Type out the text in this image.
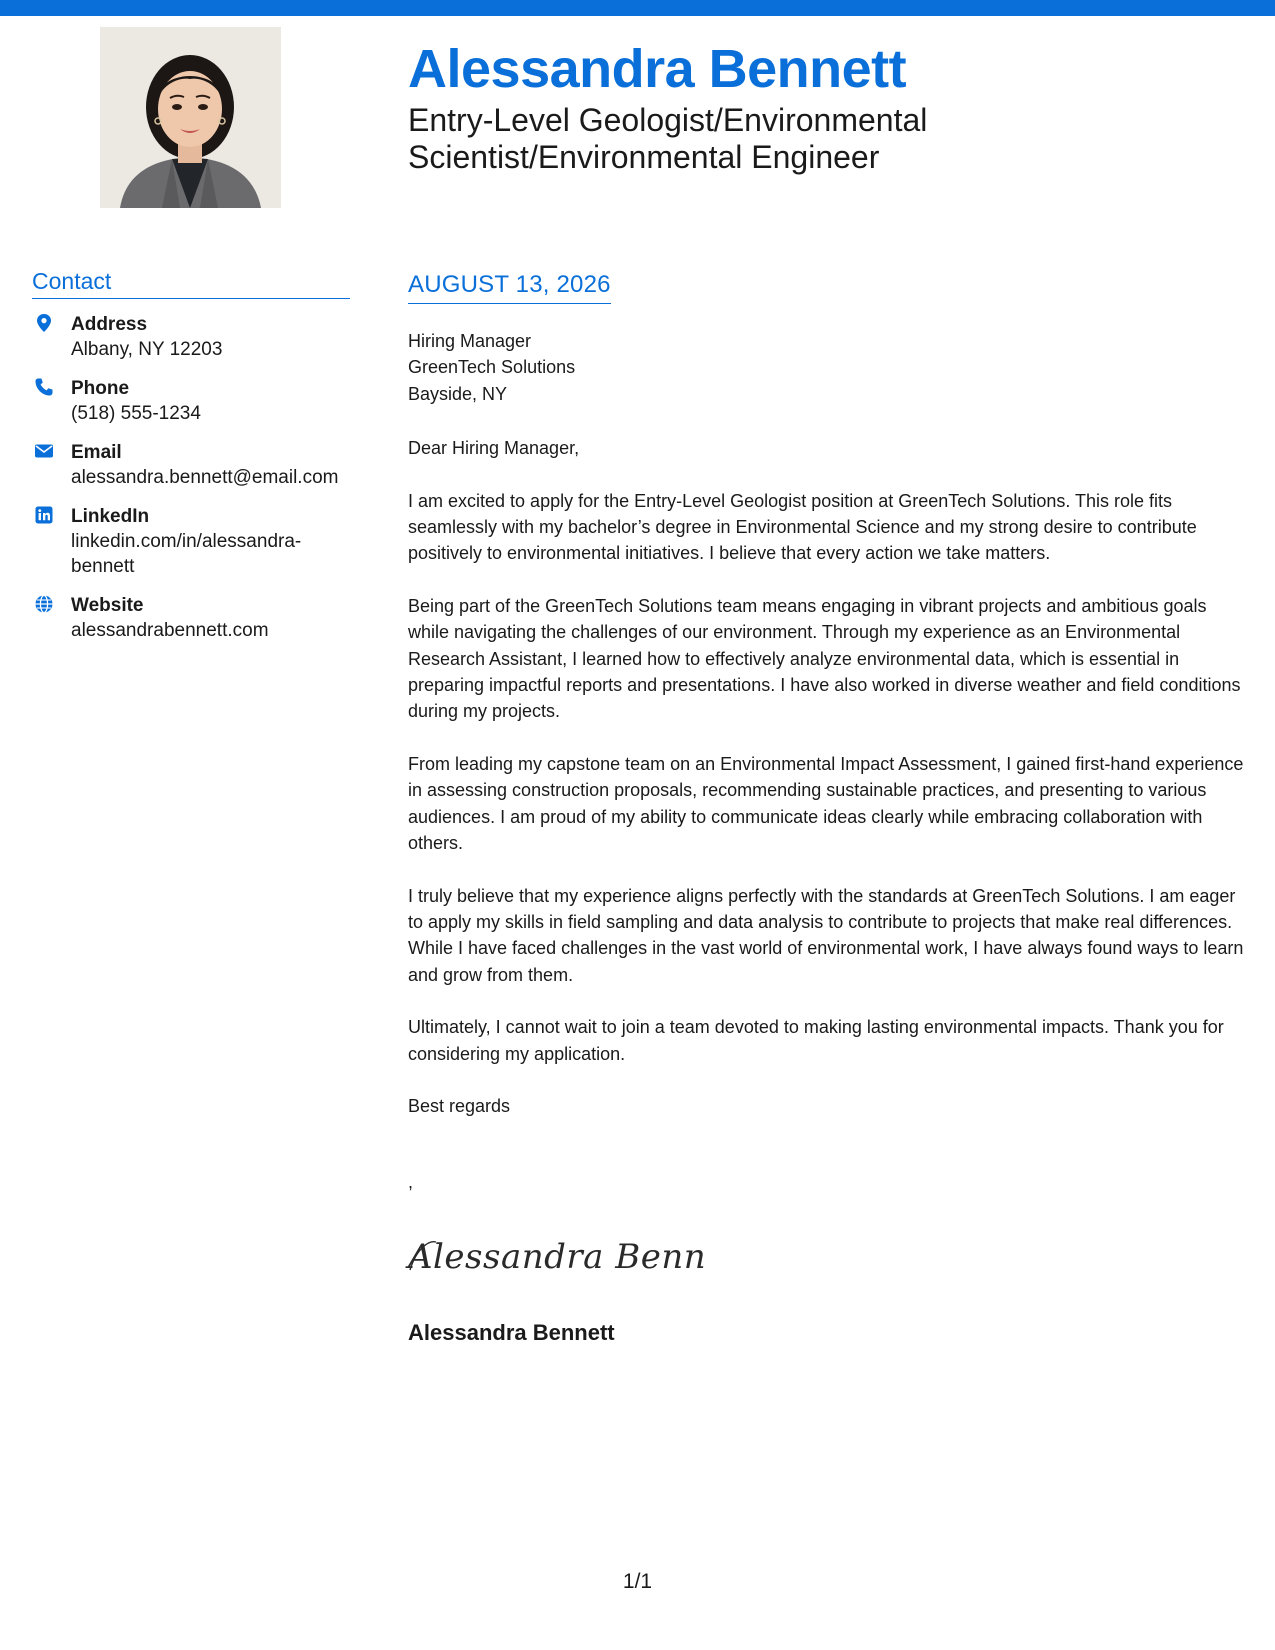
Alessandra Bennett
Entry-Level Geologist/Environmental Scientist/Environmental Engineer
Contact
Address
Albany, NY 12203
Phone
(518) 555-1234
Email
alessandra.bennett@email.com
LinkedIn
linkedin.com/in/alessandra-bennett
Website
alessandrabennett.com
AUGUST 13, 2026
Hiring Manager
GreenTech Solutions
Bayside, NY

Dear Hiring Manager,

I am excited to apply for the Entry-Level Geologist position at GreenTech Solutions. This role fits seamlessly with my bachelor’s degree in Environmental Science and my strong desire to contribute positively to environmental initiatives. I believe that every action we take matters.

Being part of the GreenTech Solutions team means engaging in vibrant projects and ambitious goals while navigating the challenges of our environment. Through my experience as an Environmental Research Assistant, I learned how to effectively analyze environmental data, which is essential in preparing impactful reports and presentations. I have also worked in diverse weather and field conditions during my projects.

From leading my capstone team on an Environmental Impact Assessment, I gained first-hand experience in assessing construction proposals, recommending sustainable practices, and presenting to various audiences. I am proud of my ability to communicate ideas clearly while embracing collaboration with others.

I truly believe that my experience aligns perfectly with the standards at GreenTech Solutions. I am eager to apply my skills in field sampling and data analysis to contribute to projects that make real differences. While I have faced challenges in the vast world of environmental work, I have always found ways to learn and grow from them.

Ultimately, I cannot wait to join a team devoted to making lasting environmental impacts. Thank you for considering my application.

Best regards

,
Alessandra Benn
Alessandra Bennett
1/1
